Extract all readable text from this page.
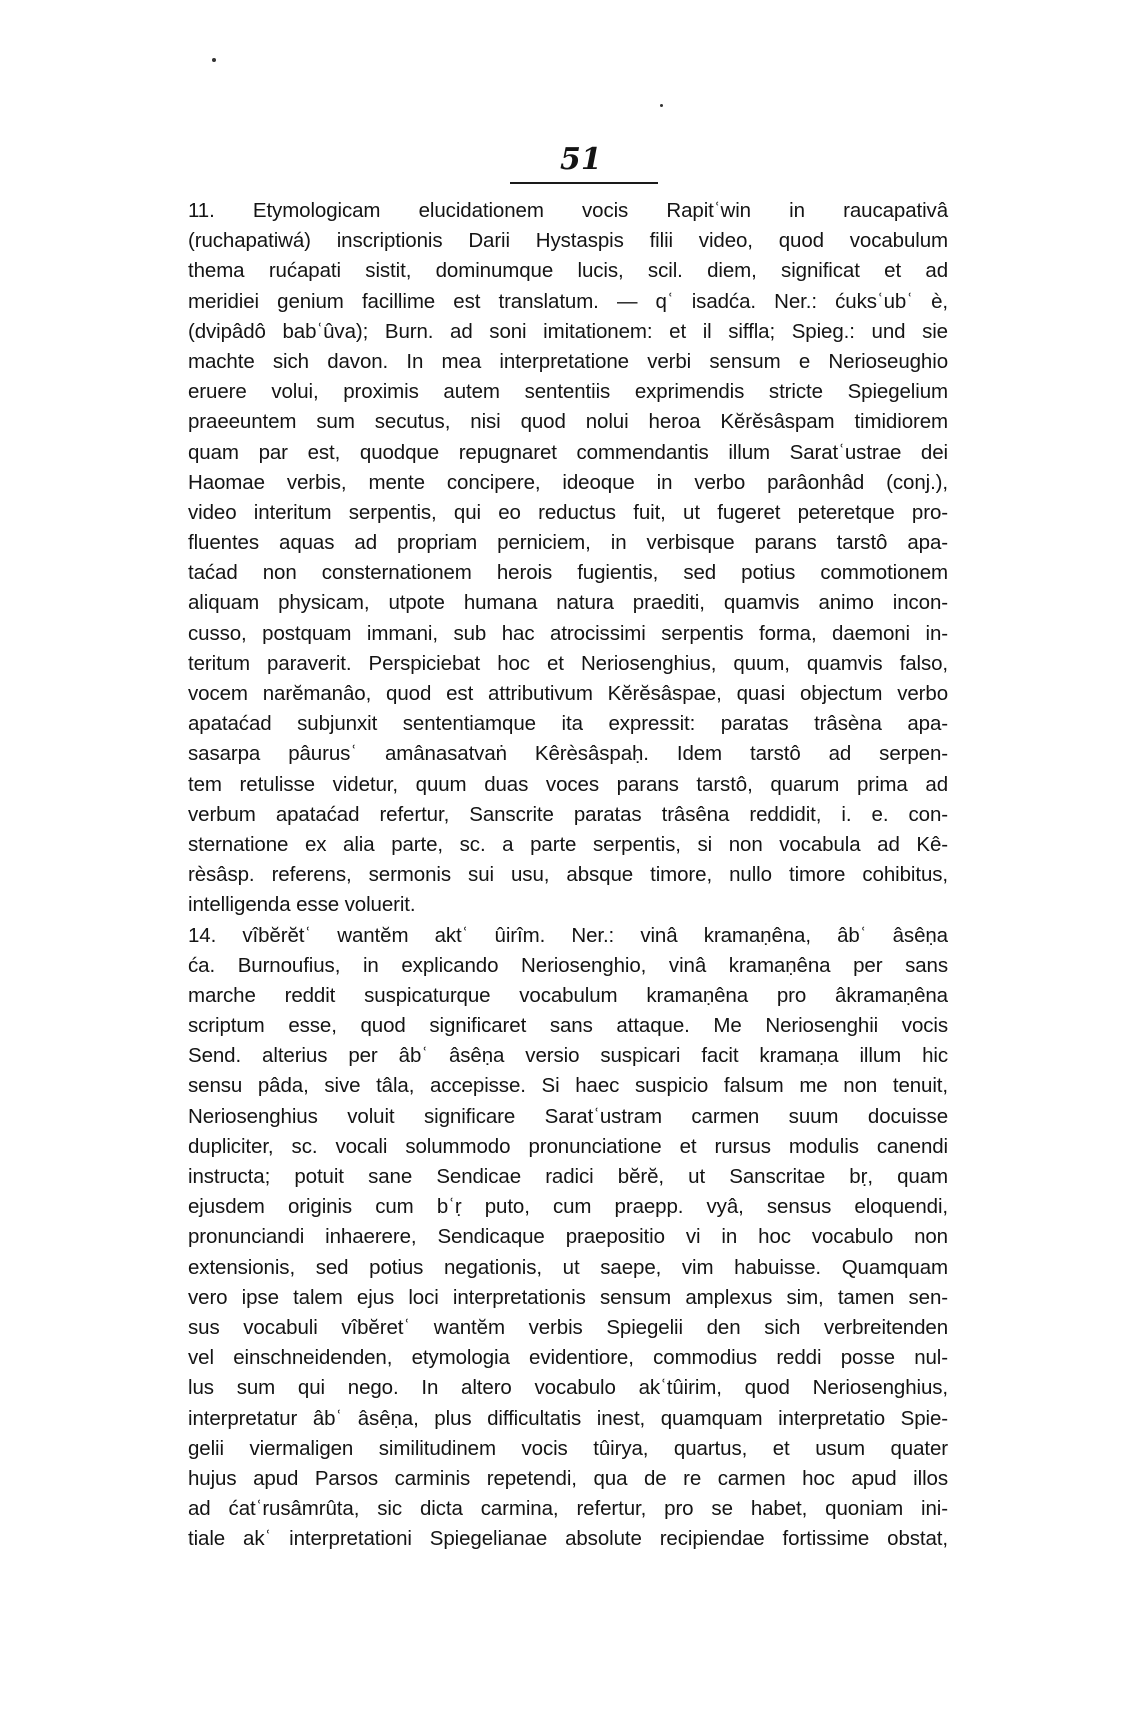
51
11. Etymologicam elucidationem vocis Rapitʿwin in raucapativâ
(ruchapatiwá) inscriptionis Darii Hystaspis filii video, quod vocabulum
thema rućapati sistit, dominumque lucis, scil. diem, significat et ad
meridiei genium facillime est translatum. — qʿ isadća. Ner.: ćuksʿubʿ è,
(dvipâdô babʿûva); Burn. ad soni imitationem: et il siffla; Spieg.: und sie
machte sich davon. In mea interpretatione verbi sensum e Nerioseughio
eruere volui, proximis autem sententiis exprimendis stricte Spiegelium
praeeuntem sum secutus, nisi quod nolui heroa Kĕrĕsâspam timidiorem
quam par est, quodque repugnaret commendantis illum Saratʿustrae dei
Haomae verbis, mente concipere, ideoque in verbo parâonhâd (conj.),
video interitum serpentis, qui eo reductus fuit, ut fugeret peteretque pro-
fluentes aquas ad propriam perniciem, in verbisque parans tarstô apa-
taćad non consternationem herois fugientis, sed potius commotionem
aliquam physicam, utpote humana natura praediti, quamvis animo incon-
cusso, postquam immani, sub hac atrocissimi serpentis forma, daemoni in-
teritum paraverit. Perspiciebat hoc et Neriosenghius, quum, quamvis falso,
vocem narĕmanâo, quod est attributivum Kĕrĕsâspae, quasi objectum verbo
apataćad subjunxit sententiamque ita expressit: paratas trâsèna apa-
sasarpa pâurusʿ amânasatvaṅ Kêrèsâspaḥ. Idem tarstô ad serpen-
tem retulisse videtur, quum duas voces parans tarstô, quarum prima ad
verbum apataćad refertur, Sanscrite paratas trâsêna reddidit, i. e. con-
sternatione ex alia parte, sc. a parte serpentis, si non vocabula ad Kê-
rèsâsp. referens, sermonis sui usu, absque timore, nullo timore cohibitus,
intelligenda esse voluerit.
14. vîbĕrĕtʿ wantĕm aktʿ ûirîm. Ner.: vinâ kramaṇêna, âbʿ âsêṇa
ća. Burnoufius, in explicando Neriosenghio, vinâ kramaṇêna per sans
marche reddit suspicaturque vocabulum kramaṇêna pro âkramaṇêna
scriptum esse, quod significaret sans attaque. Me Neriosenghii vocis
Send. alterius per âbʿ âsêṇa versio suspicari facit kramaṇa illum hic
sensu pâda, sive tâla, accepisse. Si haec suspicio falsum me non tenuit,
Neriosenghius voluit significare Saratʿustram carmen suum docuisse
dupliciter, sc. vocali solummodo pronunciatione et rursus modulis canendi
instructa; potuit sane Sendicae radici bĕrĕ, ut Sanscritae bṛ, quam
ejusdem originis cum bʿṛ puto, cum praepp. vyâ, sensus eloquendi,
pronunciandi inhaerere, Sendicaque praepositio vi in hoc vocabulo non
extensionis, sed potius negationis, ut saepe, vim habuisse. Quamquam
vero ipse talem ejus loci interpretationis sensum amplexus sim, tamen sen-
sus vocabuli vîbĕretʿ wantĕm verbis Spiegelii den sich verbreitenden
vel einschneidenden, etymologia evidentiore, commodius reddi posse nul-
lus sum qui nego. In altero vocabulo akʿtûirim, quod Neriosenghius,
interpretatur âbʿ âsêṇa, plus difficultatis inest, quamquam interpretatio Spie-
gelii viermaligen similitudinem vocis tûirya, quartus, et usum quater
hujus apud Parsos carminis repetendi, qua de re carmen hoc apud illos
ad ćatʿrusâmrûta, sic dicta carmina, refertur, pro se habet, quoniam ini-
tiale akʿ interpretationi Spiegelianae absolute recipiendae fortissime obstat,
